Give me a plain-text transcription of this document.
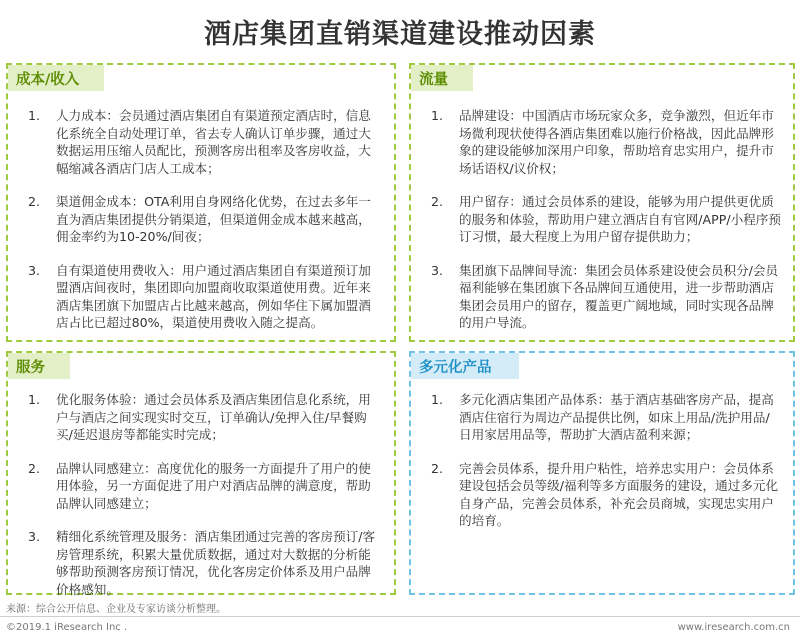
酒店集团直销渠道建设推动因素
成本/收入
1.	人力成本：会员通过酒店集团自有渠道预定酒店时，信息化系统全自动处理订单，省去专人确认订单步骤，通过大数据运用压缩人员配比，预测客房出租率及客房收益，大幅缩减各酒店门店人工成本；
2.	渠道佣金成本：OTA利用自身网络化优势，在过去多年一直为酒店集团提供分销渠道，但渠道佣金成本越来越高，佣金率约为10-20%/间夜；
3.	自有渠道使用费收入：用户通过酒店集团自有渠道预订加盟酒店间夜时，集团即向加盟商收取渠道使用费。近年来酒店集团旗下加盟店占比越来越高，例如华住下属加盟酒店占比已超过80%，渠道使用费收入随之提高。
流量
1.	品牌建设：中国酒店市场玩家众多，竞争激烈，但近年市场微利现状使得各酒店集团难以施行价格战，因此品牌形象的建设能够加深用户印象，帮助培育忠实用户，提升市场话语权/议价权；
2.	用户留存：通过会员体系的建设，能够为用户提供更优质的服务和体验，帮助用户建立酒店自有官网/APP/小程序预订习惯，最大程度上为用户留存提供助力；
3.	集团旗下品牌间导流：集团会员体系建设使会员积分/会员福利能够在集团旗下各品牌间互通使用，进一步帮助酒店集团会员用户的留存，覆盖更广阔地域，同时实现各品牌的用户导流。
服务
1.	优化服务体验：通过会员体系及酒店集团信息化系统，用户与酒店之间实现实时交互，订单确认/免押入住/早餐购买/延迟退房等都能实时完成；
2.	品牌认同感建立：高度优化的服务一方面提升了用户的使用体验，另一方面促进了用户对酒店品牌的满意度，帮助品牌认同感建立；
3.	精细化系统管理及服务：酒店集团通过完善的客房预订/客房管理系统，积累大量优质数据，通过对大数据的分析能够帮助预测客房预订情况，优化客房定价体系及用户品牌价格感知。
多元化产品
1.	多元化酒店集团产品体系：基于酒店基础客房产品，提高酒店住宿行为周边产品提供比例，如床上用品/洗护用品/日用家居用品等，帮助扩大酒店盈利来源；
2.	完善会员体系，提升用户粘性，培养忠实用户：会员体系建设包括会员等级/福利等多方面服务的建设，通过多元化自身产品，完善会员体系，补充会员商城，实现忠实用户的培育。
来源：综合公开信息、企业及专家访谈分析整理。
©2019.1 iResearch Inc .	www.iresearch.com.cn
